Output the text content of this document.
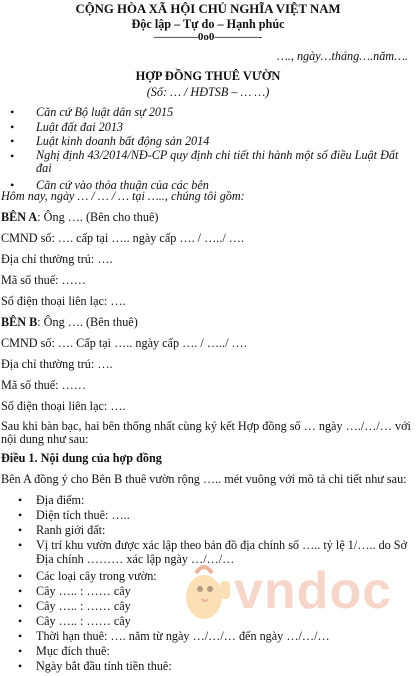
CỘNG HÒA XÃ HỘI CHỦ NGHĨA VIỆT NAM
Độc lập – Tự do – Hạnh phúc
————0o0————-
…., ngày…tháng….năm….
HỢP ĐỒNG THUÊ VƯỜN
(Số: … / HĐTSB – … …)
• Căn cứ Bộ luật dân sự 2015
• Luật đất đai 2013
• Luật kinh doanh bất động sản 2014
• Nghị định 43/2014/NĐ-CP quy định chi tiết thi hành một số điều Luật Đất đai
• Căn cứ vào thỏa thuận của các bên
Hôm nay, ngày … / … / … tại ….., chúng tôi gồm:
BÊN A: Ông …. (Bên cho thuê)
CMND số: …. cấp tại ….. ngày cấp …. / …../ ….
Địa chỉ thường trú: ….
Mã số thuế: ……
Số điện thoại liên lạc: ….
BÊN B: Ông …. (Bên thuê)
CMND số: …. Cấp tại ….. ngày cấp …. / …../ ….
Địa chỉ thường trú: ….
Mã số thuế: ……
Số điện thoại liên lạc: ….
Sau khi bàn bạc, hai bên thống nhất cùng ký kết Hợp đồng số … ngày …./…/… với nội dung như sau:
Điều 1. Nội dung của hợp đồng
Bên A đồng ý cho Bên B thuê vườn rộng ….. mét vuông với mô tả chi tiết như sau:
• Địa điểm:
• Diện tích thuê: …..
• Ranh giới đất:
• Vị trí khu vườn được xác lập theo bản đồ địa chính số ….. tỷ lệ 1/….. do Sở Địa chính ……… xác lập ngày …/…/…
• Các loại cây trong vườn:
• Cây ….. : …… cây
• Cây ….. : …… cây
• Cây ….. : …… cây
• Thời hạn thuê: …. năm từ ngày …/…/… đến ngày …/…/…
• Mục đích thuê:
• Ngày bắt đầu tính tiền thuê:
vndoc
